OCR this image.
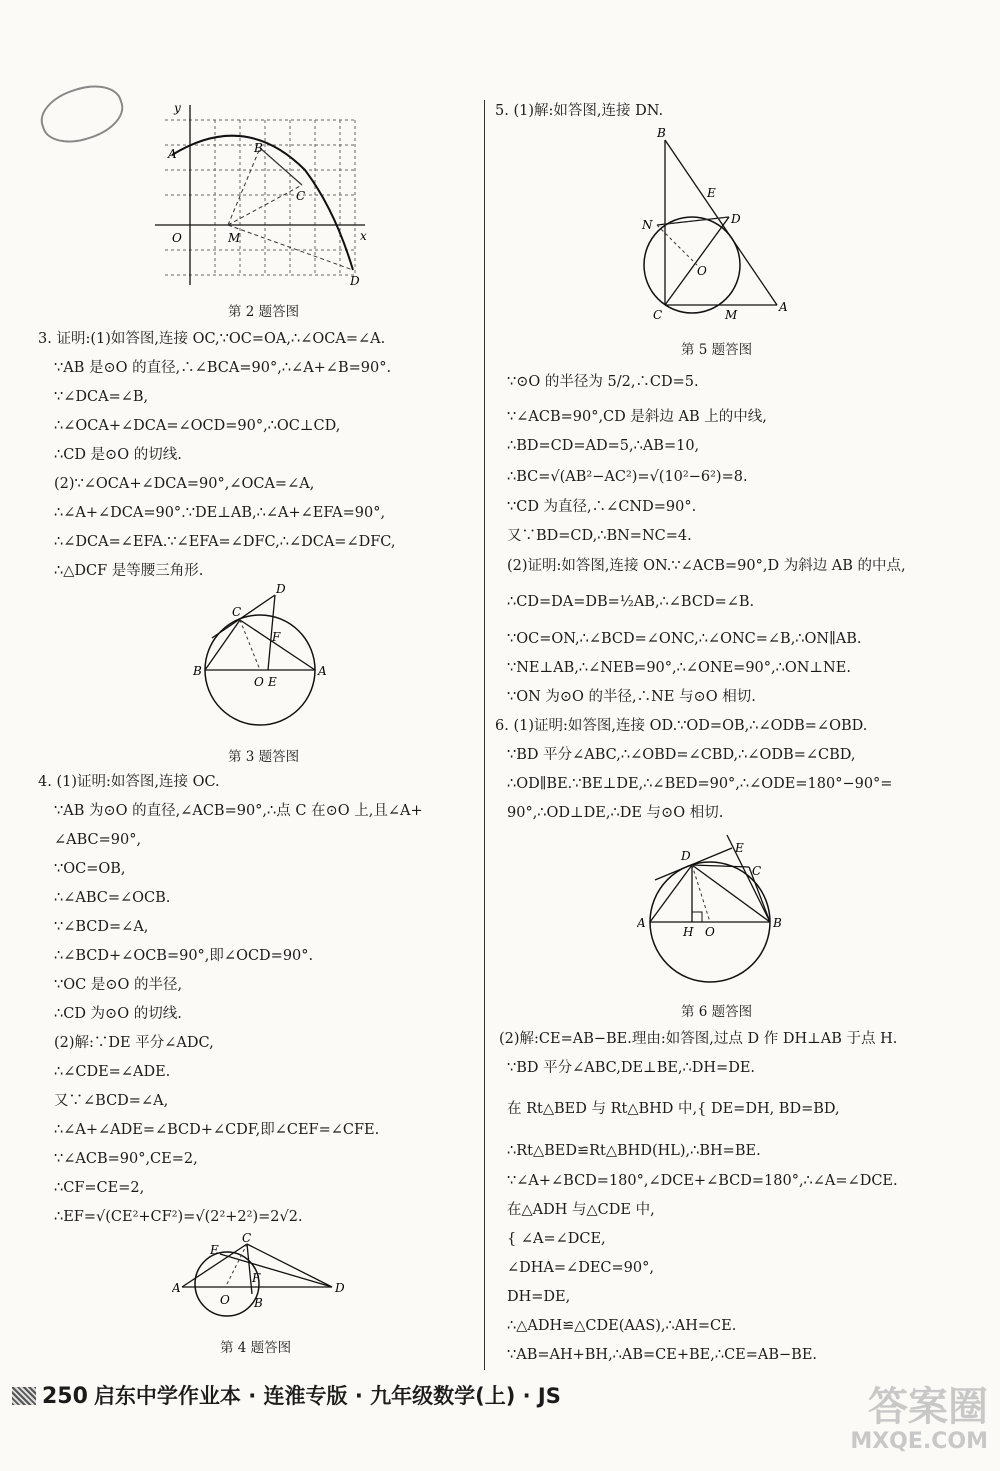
y
x
O
A	B
C
D
M
第 2 题答图
3. 证明:(1)如答图,连接 OC,∵OC=OA,∴∠OCA=∠A.
∵AB 是⊙O 的直径,∴∠BCA=90°,∴∠A+∠B=90°.
∵∠DCA=∠B,
∴∠OCA+∠DCA=∠OCD=90°,∴OC⊥CD,
∴CD 是⊙O 的切线.
(2)∵∠OCA+∠DCA=90°,∠OCA=∠A,
∴∠A+∠DCA=90°.∵DE⊥AB,∴∠A+∠EFA=90°,
∴∠DCA=∠EFA.∵∠EFA=∠DFC,∴∠DCA=∠DFC,
∴△DCF 是等腰三角形.
B	A
C
D
F
O E
第 3 题答图
4. (1)证明:如答图,连接 OC.
∵AB 为⊙O 的直径,∠ACB=90°,∴点 C 在⊙O 上,且∠A+
∠ABC=90°,
∵OC=OB,
∴∠ABC=∠OCB.
∵∠BCD=∠A,
∴∠BCD+∠OCB=90°,即∠OCD=90°.
∵OC 是⊙O 的半径,
∴CD 为⊙O 的切线.
(2)解:∵DE 平分∠ADC,
∴∠CDE=∠ADE.
又∵∠BCD=∠A,
∴∠A+∠ADE=∠BCD+∠CDF,即∠CEF=∠CFE.
∵∠ACB=90°,CE=2,
∴CF=CE=2,
∴EF=√(CE²+CF²)=√(2²+2²)=2√2.
A	D
C
E
F
O B
第 4 题答图
5. (1)解:如答图,连接 DN.
B
E
D
N
O
C	M
A
第 5 题答图
∵⊙O 的半径为 5/2,∴CD=5.
∵∠ACB=90°,CD 是斜边 AB 上的中线,
∴BD=CD=AD=5,∴AB=10,
∴BC=√(AB²−AC²)=√(10²−6²)=8.
∵CD 为直径,∴∠CND=90°.
又∵BD=CD,∴BN=NC=4.
(2)证明:如答图,连接 ON.∵∠ACB=90°,D 为斜边 AB 的中点,
∴CD=DA=DB=½AB,∴∠BCD=∠B.
∵OC=ON,∴∠BCD=∠ONC,∴∠ONC=∠B,∴ON∥AB.
∵NE⊥AB,∴∠NEB=90°,∴∠ONE=90°,∴ON⊥NE.
∵ON 为⊙O 的半径,∴NE 与⊙O 相切.
6. (1)证明:如答图,连接 OD.∵OD=OB,∴∠ODB=∠OBD.
∵BD 平分∠ABC,∴∠OBD=∠CBD,∴∠ODB=∠CBD,
∴OD∥BE.∵BE⊥DE,∴∠BED=90°,∴∠ODE=180°−90°=
90°,∴OD⊥DE,∴DE 与⊙O 相切.
E
D
C
A	B
H O
第 6 题答图
(2)解:CE=AB−BE.理由:如答图,过点 D 作 DH⊥AB 于点 H.
∵BD 平分∠ABC,DE⊥BE,∴DH=DE.
在 Rt△BED 与 Rt△BHD 中,{ DE=DH, BD=BD,
∴Rt△BED≌Rt△BHD(HL),∴BH=BE.
∵∠A+∠BCD=180°,∠DCE+∠BCD=180°,∴∠A=∠DCE.
在△ADH 与△CDE 中,
{ ∠A=∠DCE,
∠DHA=∠DEC=90°,
DH=DE,
∴△ADH≌△CDE(AAS),∴AH=CE.
∵AB=AH+BH,∴AB=CE+BE,∴CE=AB−BE.
250 启东中学作业本 · 连淮专版 · 九年级数学(上) · JS	答案圈
MXQE.COM
